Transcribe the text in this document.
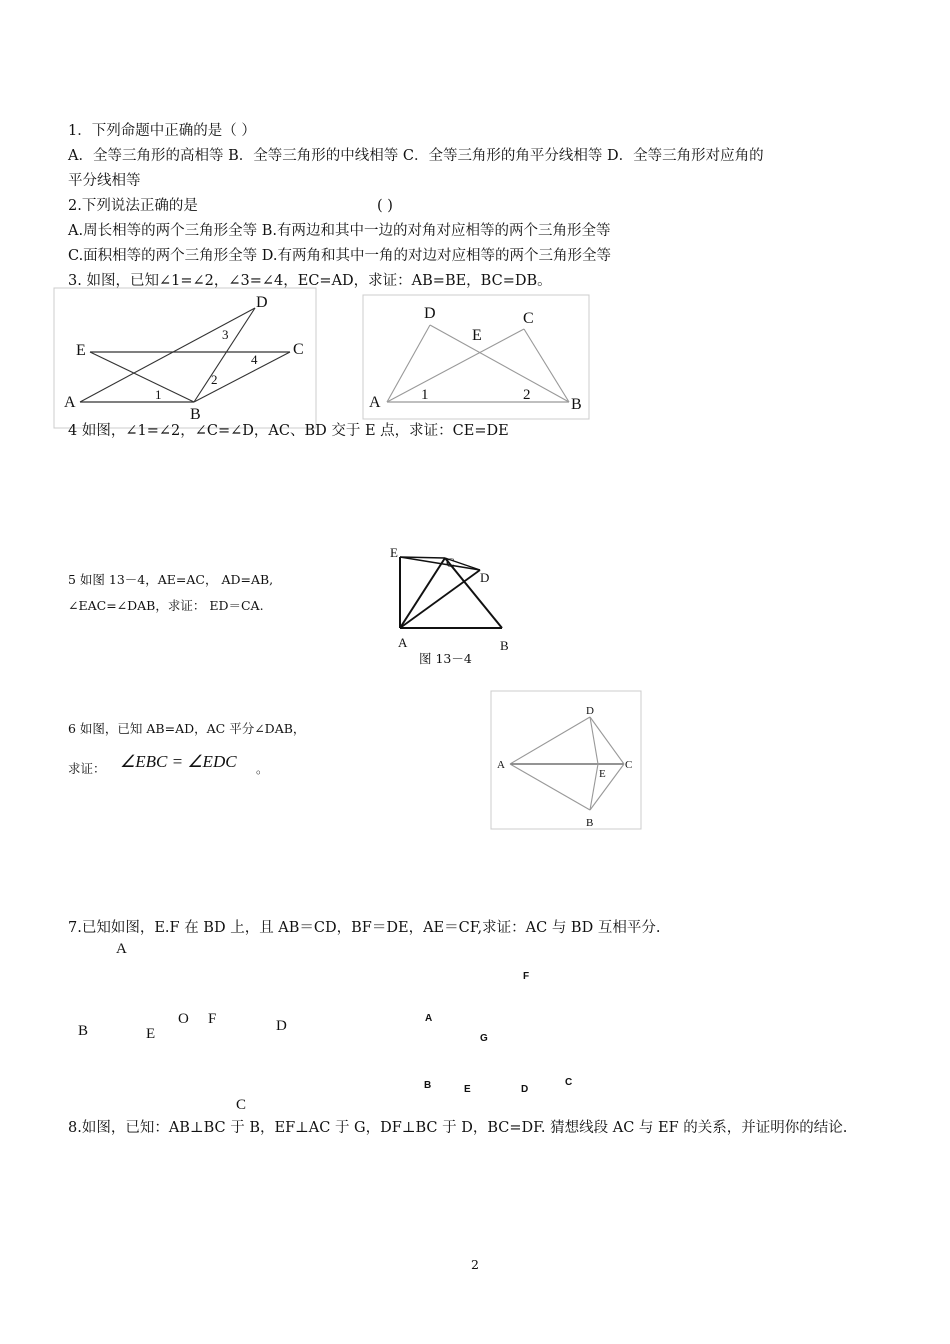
1．下列命题中正确的是（ ）
A．全等三角形的高相等 B．全等三角形的中线相等 C．全等三角形的角平分线相等 D．全等三角形对应角的
平分线相等
2.下列说法正确的是	( )
A.周长相等的两个三角形全等 B.有两边和其中一边的对角对应相等的两个三角形全等
C.面积相等的两个三角形全等 D.有两角和其中一角的对边对应相等的两个三角形全等
3. 如图，已知∠1=∠2，∠3=∠4，EC=AD，求证：AB=BE，BC=DB。
A
B
C
D
E
1
2
3
4
A	B
C
D
E
1	2
4 如图，∠1=∠2，∠C=∠D，AC、BD 交于 E 点，求证：CE=DE
5 如图 13－4，AE=AC， AD=AB,
∠EAC=∠DAB，求证： ED＝CA.
A	B
C
D
E
图 13－4
6 如图，已知 AB=AD，AC 平分∠DAB，
求证： ∠EBC = ∠EDC 。	A
B
C
D
E
7.已知如图，E.F 在 BD 上，且 AB＝CD，BF＝DE，AE＝CF,求证：AC 与 BD 互相平分.
A
B
C
D
E
O F	A
B	C
D
E
F
G
8.如图，已知：AB⊥BC 于 B，EF⊥AC 于 G，DF⊥BC 于 D，BC=DF. 猜想线段 AC 与 EF 的关系，并证明你的结论.
2
